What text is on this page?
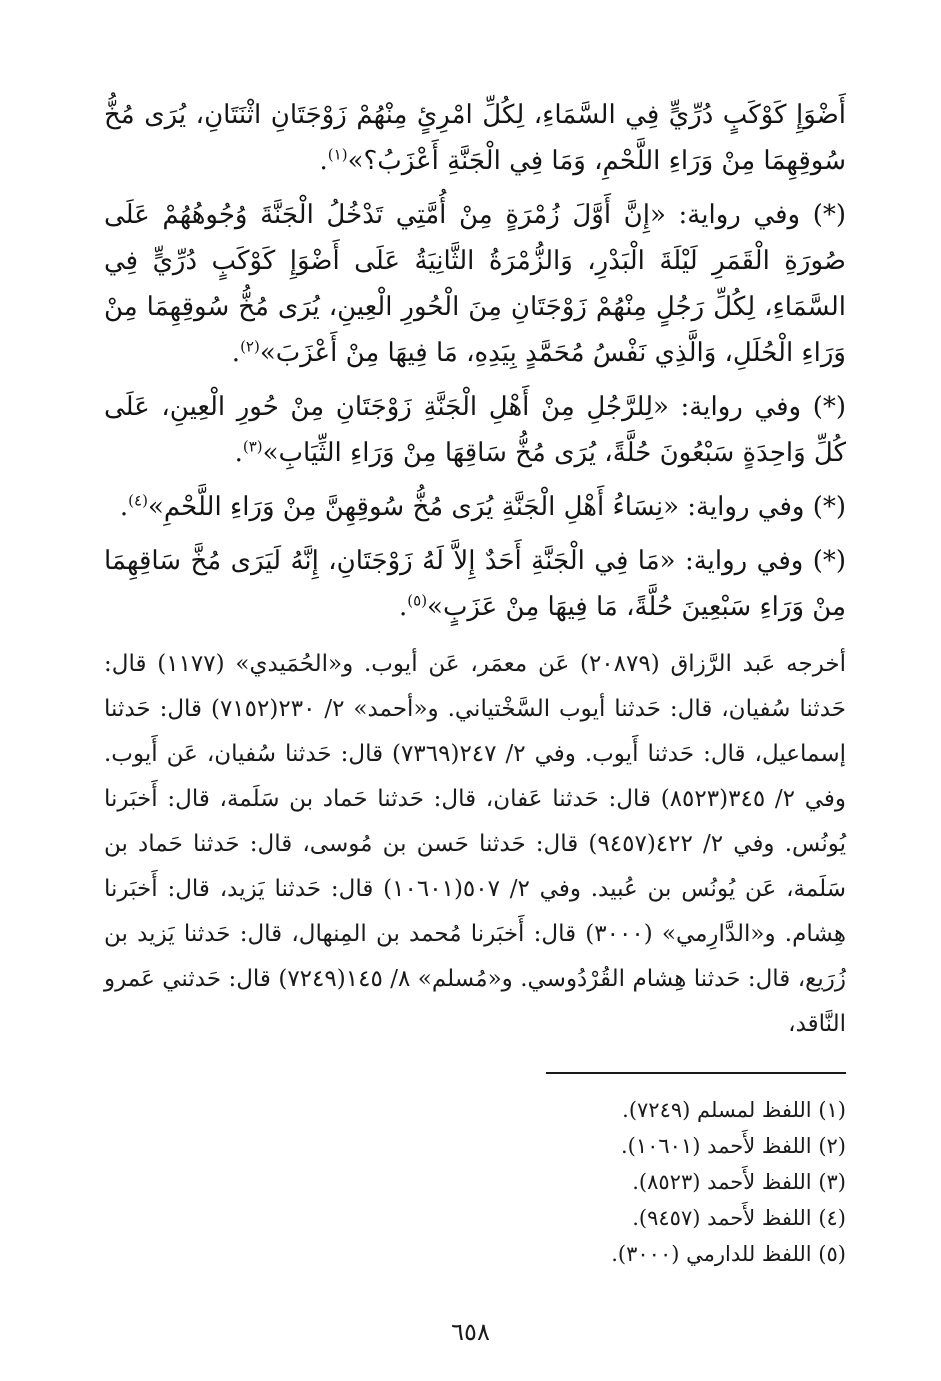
أَضْوَإِ كَوْكَبٍ دُرِّيٍّ فِي السَّمَاءِ، لِكُلِّ امْرِئٍ مِنْهُمْ زَوْجَتَانِ اثْنَتَانِ، يُرَى مُخُّ سُوقِهِمَا مِنْ وَرَاءِ اللَّحْمِ، وَمَا فِي الْجَنَّةِ أَعْزَبُ؟»$^{(١)}$.

(*) وفي رواية: «إِنَّ أَوَّلَ زُمْرَةٍ مِنْ أُمَّتِي تَدْخُلُ الْجَنَّةَ وُجُوهُهُمْ عَلَى صُورَةِ الْقَمَرِ لَيْلَةَ الْبَدْرِ، وَالزُّمْرَةُ الثَّانِيَةُ عَلَى أَضْوَإِ كَوْكَبٍ دُرِّيٍّ فِي السَّمَاءِ، لِكُلِّ رَجُلٍ مِنْهُمْ زَوْجَتَانِ مِنَ الْحُورِ الْعِينِ، يُرَى مُخُّ سُوقِهِمَا مِنْ وَرَاءِ الْحُلَلِ، وَالَّذِي نَفْسُ مُحَمَّدٍ بِيَدِهِ، مَا فِيهَا مِنْ أَعْزَبَ»$^{(٢)}$.

(*) وفي رواية: «لِلرَّجُلِ مِنْ أَهْلِ الْجَنَّةِ زَوْجَتَانِ مِنْ حُورِ الْعِينِ، عَلَى كُلِّ وَاحِدَةٍ سَبْعُونَ حُلَّةً، يُرَى مُخُّ سَاقِهَا مِنْ وَرَاءِ الثِّيَابِ»$^{(٣)}$.

(*) وفي رواية: «نِسَاءُ أَهْلِ الْجَنَّةِ يُرَى مُخُّ سُوقِهِنَّ مِنْ وَرَاءِ اللَّحْمِ»$^{(٤)}$.

(*) وفي رواية: «مَا فِي الْجَنَّةِ أَحَدٌ إِلاَّ لَهُ زَوْجَتَانِ، إِنَّهُ لَيَرَى مُخَّ سَاقِهِمَا مِنْ وَرَاءِ سَبْعِينَ حُلَّةً، مَا فِيهَا مِنْ عَزَبٍ»$^{(٥)}$.

أخرجه عَبد الرَّزاق (٢٠٨٧٩) عَن معمَر، عَن أيوب. و«الحُمَيدي» (١١٧٧) قال: حَدثنا سُفيان، قال: حَدثنا أيوب السَّخْتياني. و«أحمد» ٢/ ٢٣٠(٧١٥٢) قال: حَدثنا إسماعيل، قال: حَدثنا أَيوب. وفي ٢/ ٢٤٧(٧٣٦٩) قال: حَدثنا سُفيان، عَن أَيوب. وفي ٢/ ٣٤٥(٨٥٢٣) قال: حَدثنا عَفان، قال: حَدثنا حَماد بن سَلَمة، قال: أَخبَرنا يُونُس. وفي ٢/ ٤٢٢(٩٤٥٧) قال: حَدثنا حَسن بن مُوسى، قال: حَدثنا حَماد بن سَلَمة، عَن يُونُس بن عُبيد. وفي ٢/ ٥٠٧(١٠٦٠١) قال: حَدثنا يَزيد، قال: أَخبَرنا هِشام. و«الدَّارِمي» (٣٠٠٠) قال: أَخبَرنا مُحمد بن المِنهال، قال: حَدثنا يَزيد بن زُرَيع، قال: حَدثنا هِشام القُرْدُوسي. و«مُسلم» ٨/ ١٤٥(٧٢٤٩) قال: حَدثني عَمرو النَّاقد،

(١) اللفظ لمسلم (٧٢٤٩).
(٢) اللفظ لأَحمد (١٠٦٠١).
(٣) اللفظ لأَحمد (٨٥٢٣).
(٤) اللفظ لأَحمد (٩٤٥٧).
(٥) اللفظ للدارمي (٣٠٠٠).
٦٥٨
